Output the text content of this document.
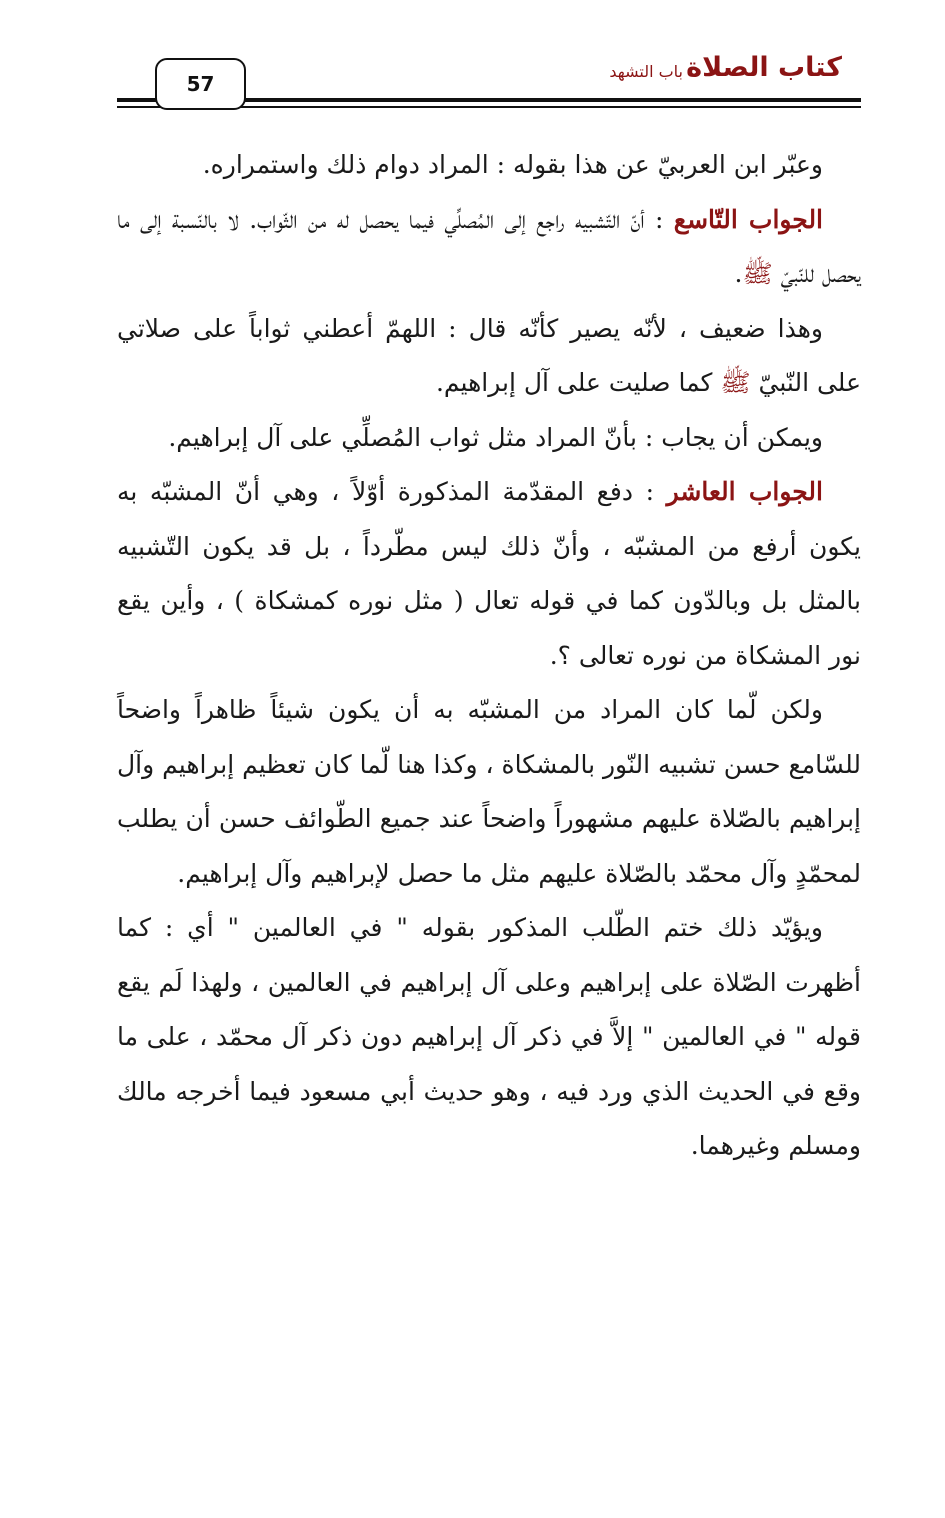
كتاب الصلاة
باب التشهد
57

وعبّر ابن العربيّ عن هذا بقوله : المراد دوام ذلك واستمراره.

الجواب التّاسع : أنّ التّشبيه راجع إلى المُصلِّي فيما يحصل له من الثّواب. لا بالنّسبة إلى ما يحصل للنّبيّ ﷺ.

وهذا ضعيف ، لأنّه يصير كأنّه قال : اللهمّ أعطني ثواباً على صلاتي على النّبيّ ﷺ كما صليت على آل إبراهيم.

ويمكن أن يجاب : بأنّ المراد مثل ثواب المُصلِّي على آل إبراهيم.

الجواب العاشر : دفع المقدّمة المذكورة أوّلاً ، وهي أنّ المشبّه به يكون أرفع من المشبّه ، وأنّ ذلك ليس مطّرداً ، بل قد يكون التّشبيه بالمثل بل وبالدّون كما في قوله تعال ( مثل نوره كمشكاة ) ، وأين يقع نور المشكاة من نوره تعالى ؟.

ولكن لّما كان المراد من المشبّه به أن يكون شيئاً ظاهراً واضحاً للسّامع حسن تشبيه النّور بالمشكاة ، وكذا هنا لّما كان تعظيم إبراهيم وآل إبراهيم بالصّلاة عليهم مشهوراً واضحاً عند جميع الطّوائف حسن أن يطلب لمحمّدٍ وآل محمّد بالصّلاة عليهم مثل ما حصل لإبراهيم وآل إبراهيم.

ويؤيّد ذلك ختم الطّلب المذكور بقوله " في العالمين " أي : كما أظهرت الصّلاة على إبراهيم وعلى آل إبراهيم في العالمين ، ولهذا لَم يقع قوله " في العالمين " إلاَّ في ذكر آل إبراهيم دون ذكر آل محمّد ، على ما وقع في الحديث الذي ورد فيه ، وهو حديث أبي مسعود فيما أخرجه مالك ومسلم وغيرهما.
